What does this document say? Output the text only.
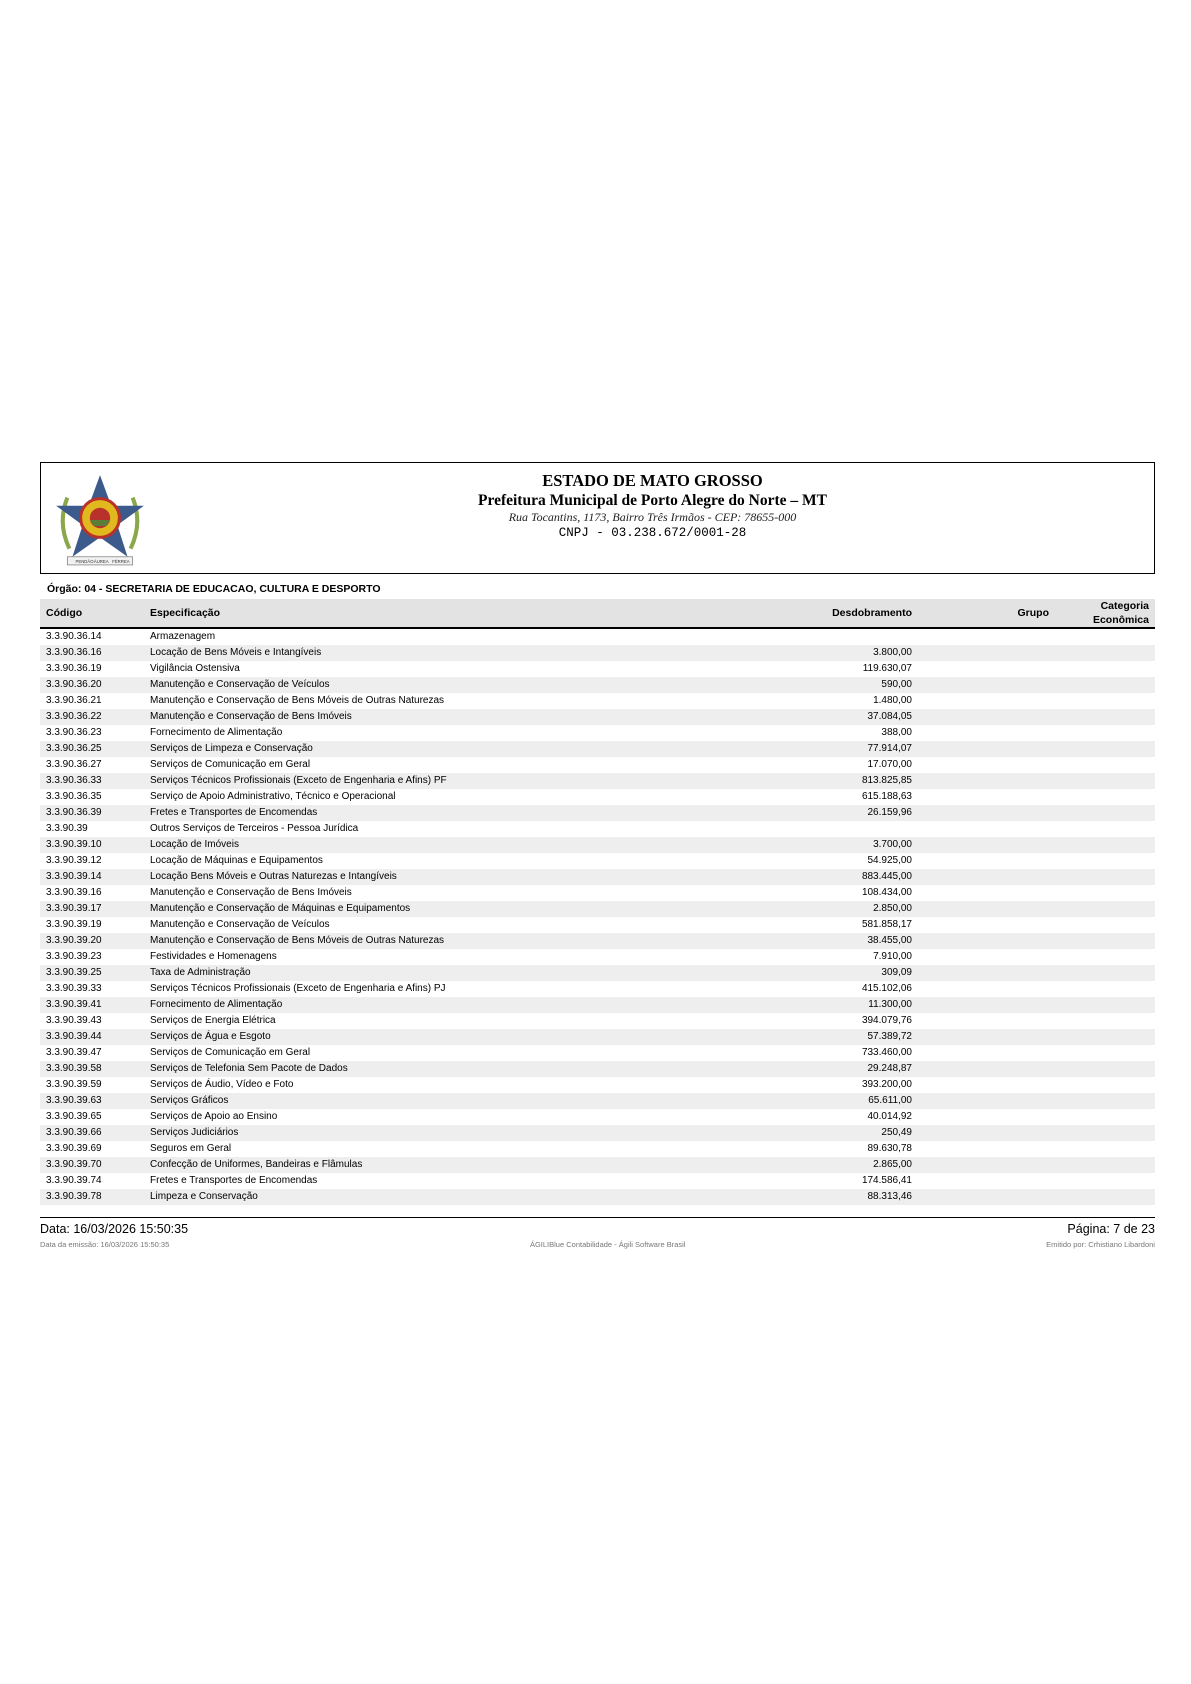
PENDÃO ÁUREA FÉRREA
ESTADO DE MATO GROSSO
Prefeitura Municipal de Porto Alegre do Norte – MT
Rua Tocantins, 1173, Bairro Três Irmãos - CEP: 78655-000
CNPJ - 03.238.672/0001-28
Órgão: 04 - SECRETARIA DE EDUCACAO, CULTURA E DESPORTO
Código	Especificação	Desdobramento	Grupo	Categoria Econômica
3.3.90.36.14	Armazenagem			
3.3.90.36.16	Locação de Bens Móveis e Intangíveis	3.800,00		
3.3.90.36.19	Vigilância Ostensiva	119.630,07		
3.3.90.36.20	Manutenção e Conservação de Veículos	590,00		
3.3.90.36.21	Manutenção e Conservação de Bens Móveis de Outras Naturezas	1.480,00		
3.3.90.36.22	Manutenção e Conservação de Bens Imóveis	37.084,05		
3.3.90.36.23	Fornecimento de Alimentação	388,00		
3.3.90.36.25	Serviços de Limpeza e Conservação	77.914,07		
3.3.90.36.27	Serviços de Comunicação em Geral	17.070,00		
3.3.90.36.33	Serviços Técnicos Profissionais (Exceto de Engenharia e Afins) PF	813.825,85		
3.3.90.36.35	Serviço de Apoio Administrativo, Técnico e Operacional	615.188,63		
3.3.90.36.39	Fretes e Transportes de Encomendas	26.159,96		
3.3.90.39	Outros Serviços de Terceiros - Pessoa Jurídica			
3.3.90.39.10	Locação de Imóveis	3.700,00		
3.3.90.39.12	Locação de Máquinas e Equipamentos	54.925,00		
3.3.90.39.14	Locação Bens Móveis e Outras Naturezas e Intangíveis	883.445,00		
3.3.90.39.16	Manutenção e Conservação de Bens Imóveis	108.434,00		
3.3.90.39.17	Manutenção e Conservação de Máquinas e Equipamentos	2.850,00		
3.3.90.39.19	Manutenção e Conservação de Veículos	581.858,17		
3.3.90.39.20	Manutenção e Conservação de Bens Móveis de Outras Naturezas	38.455,00		
3.3.90.39.23	Festividades e Homenagens	7.910,00		
3.3.90.39.25	Taxa de Administração	309,09		
3.3.90.39.33	Serviços Técnicos Profissionais (Exceto de Engenharia e Afins) PJ	415.102,06		
3.3.90.39.41	Fornecimento de Alimentação	11.300,00		
3.3.90.39.43	Serviços de Energia Elétrica	394.079,76		
3.3.90.39.44	Serviços de Água e Esgoto	57.389,72		
3.3.90.39.47	Serviços de Comunicação em Geral	733.460,00		
3.3.90.39.58	Serviços de Telefonia Sem Pacote de Dados	29.248,87		
3.3.90.39.59	Serviços de Áudio, Vídeo e Foto	393.200,00		
3.3.90.39.63	Serviços Gráficos	65.611,00		
3.3.90.39.65	Serviços de Apoio ao Ensino	40.014,92		
3.3.90.39.66	Serviços Judiciários	250,49		
3.3.90.39.69	Seguros em Geral	89.630,78		
3.3.90.39.70	Confecção de Uniformes, Bandeiras e Flâmulas	2.865,00		
3.3.90.39.74	Fretes e Transportes de Encomendas	174.586,41		
3.3.90.39.78	Limpeza e Conservação	88.313,46		
Data: 16/03/2026 15:50:35	Página: 7 de 23
Data da emissão: 16/03/2026 15:50:35	ÁGILIBlue Contabilidade - Ágili Software Brasil	Emitido por: Crhistiano Libardoni
